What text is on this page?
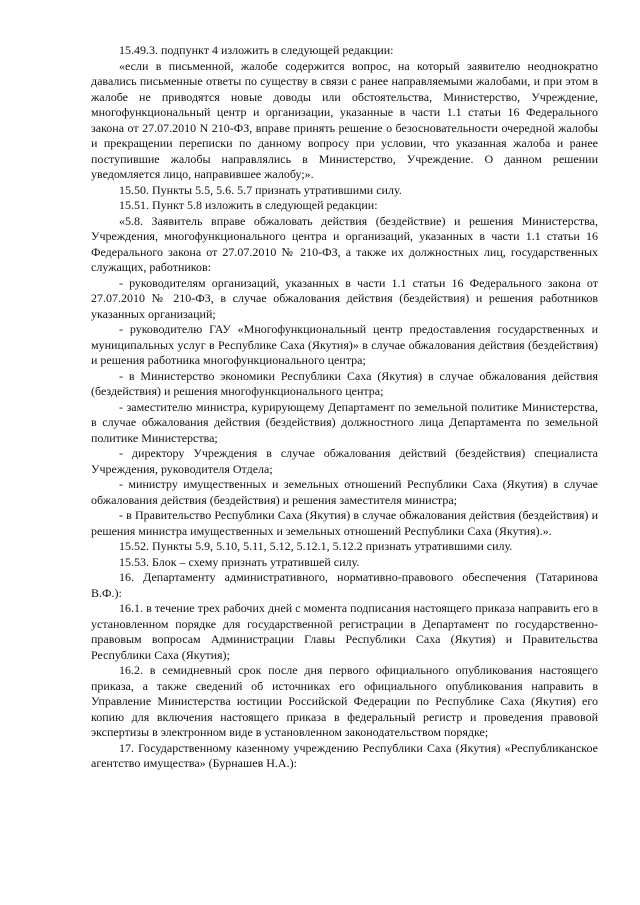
15.49.3. подпункт 4 изложить в следующей редакции:

«если в письменной, жалобе содержится вопрос, на который заявителю неоднократно давались письменные ответы по существу в связи с ранее направляемыми жалобами, и при этом в жалобе не приводятся новые доводы или обстоятельства, Министерство, Учреждение, многофункциональный центр и организации, указанные в части 1.1 статьи 16 Федерального закона от 27.07.2010 N 210-ФЗ, вправе принять решение о безосновательности очередной жалобы и прекращении переписки по данному вопросу при условии, что указанная жалоба и ранее поступившие жалобы направлялись в Министерство, Учреждение. О данном решении уведомляется лицо, направившее жалобу;».

15.50. Пункты 5.5, 5.6. 5.7 признать утратившими силу.

15.51. Пункт 5.8 изложить в следующей редакции:

«5.8. Заявитель вправе обжаловать действия (бездействие) и решения Министерства, Учреждения, многофункционального центра и организаций, указанных в части 1.1 статьи 16 Федерального закона от 27.07.2010 № 210-ФЗ, а также их должностных лиц, государственных служащих, работников:

- руководителям организаций, указанных в части 1.1 статьи 16 Федерального закона от 27.07.2010 № 210-ФЗ, в случае обжалования действия (бездействия) и решения работников указанных организаций;

- руководителю ГАУ «Многофункциональный центр предоставления государственных и муниципальных услуг в Республике Саха (Якутия)» в случае обжалования действия (бездействия) и решения работника многофункционального центра;

- в Министерство экономики Республики Саха (Якутия) в случае обжалования действия (бездействия) и решения многофункционального центра;

- заместителю министра, курирующему Департамент по земельной политике Министерства, в случае обжалования действия (бездействия) должностного лица Департамента по земельной политике Министерства;

- директору Учреждения в случае обжалования действий (бездействия) специалиста Учреждения, руководителя Отдела;

- министру имущественных и земельных отношений Республики Саха (Якутия) в случае обжалования действия (бездействия) и решения заместителя министра;

- в Правительство Республики Саха (Якутия) в случае обжалования действия (бездействия) и решения министра имущественных и земельных отношений Республики Саха (Якутия).».

15.52. Пункты 5.9, 5.10, 5.11, 5.12, 5.12.1, 5.12.2 признать утратившими силу.

15.53. Блок – схему признать утратившей силу.

16. Департаменту административного, нормативно-правового обеспечения (Татаринова В.Ф.):

16.1. в течение трех рабочих дней с момента подписания настоящего приказа направить его в установленном порядке для государственной регистрации в Департамент по государственно-правовым вопросам Администрации Главы Республики Саха (Якутия) и Правительства Республики Саха (Якутия);

16.2. в семидневный срок после дня первого официального опубликования настоящего приказа, а также сведений об источниках его официального опубликования направить в Управление Министерства юстиции Российской Федерации по Республике Саха (Якутия) его копию для включения настоящего приказа в федеральный регистр и проведения правовой экспертизы в электронном виде в установленном законодательством порядке;

17. Государственному казенному учреждению Республики Саха (Якутия) «Республиканское агентство имущества» (Бурнашев Н.А.):
